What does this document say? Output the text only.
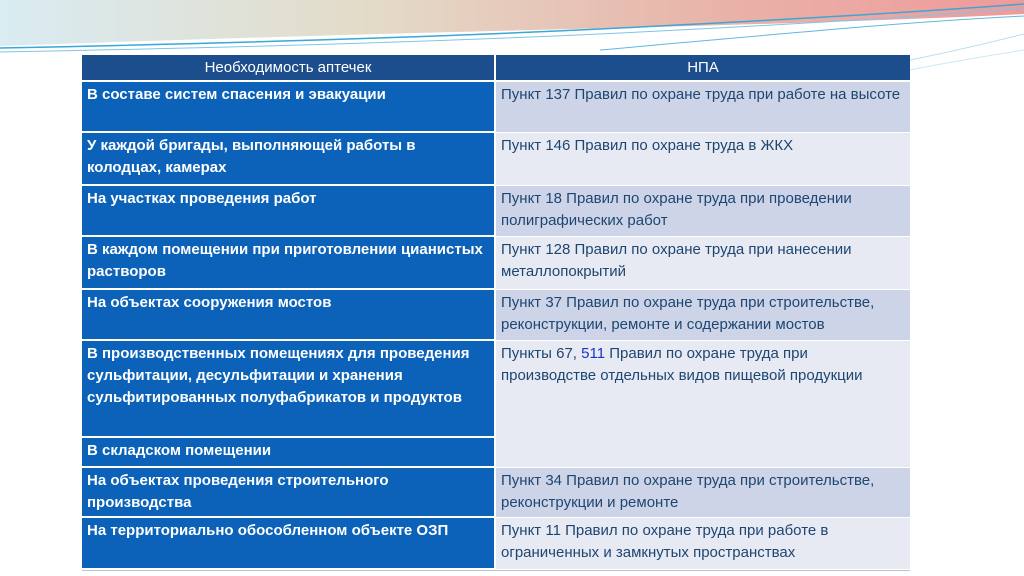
Необходимость аптечек	НПА
В составе систем спасения и эвакуации	Пункт 137 Правил по охране труда при работе на высоте
У каждой бригады, выполняющей работы в колодцах, камерах	Пункт 146 Правил по охране труда в ЖКХ
На участках проведения работ	Пункт 18 Правил по охране труда при проведении полиграфических работ
В каждом помещении при приготовлении цианистых растворов	Пункт 128 Правил по охране труда при нанесении металлопокрытий
На объектах сооружения мостов	Пункт 37 Правил по охране труда при строительстве, реконструкции, ремонте и содержании мостов
В производственных помещениях для проведения сульфитации, десульфитации и хранения сульфитированных полуфабрикатов и продуктов	Пункты 67, 511 Правил по охране труда при производстве отдельных видов пищевой продукции
В складском помещении	
На объектах проведения строительного производства	Пункт 34 Правил по охране труда при строительстве, реконструкции и ремонте
На территориально обособленном объекте ОЗП	Пункт 11 Правил по охране труда при работе в ограниченных и замкнутых пространствах
